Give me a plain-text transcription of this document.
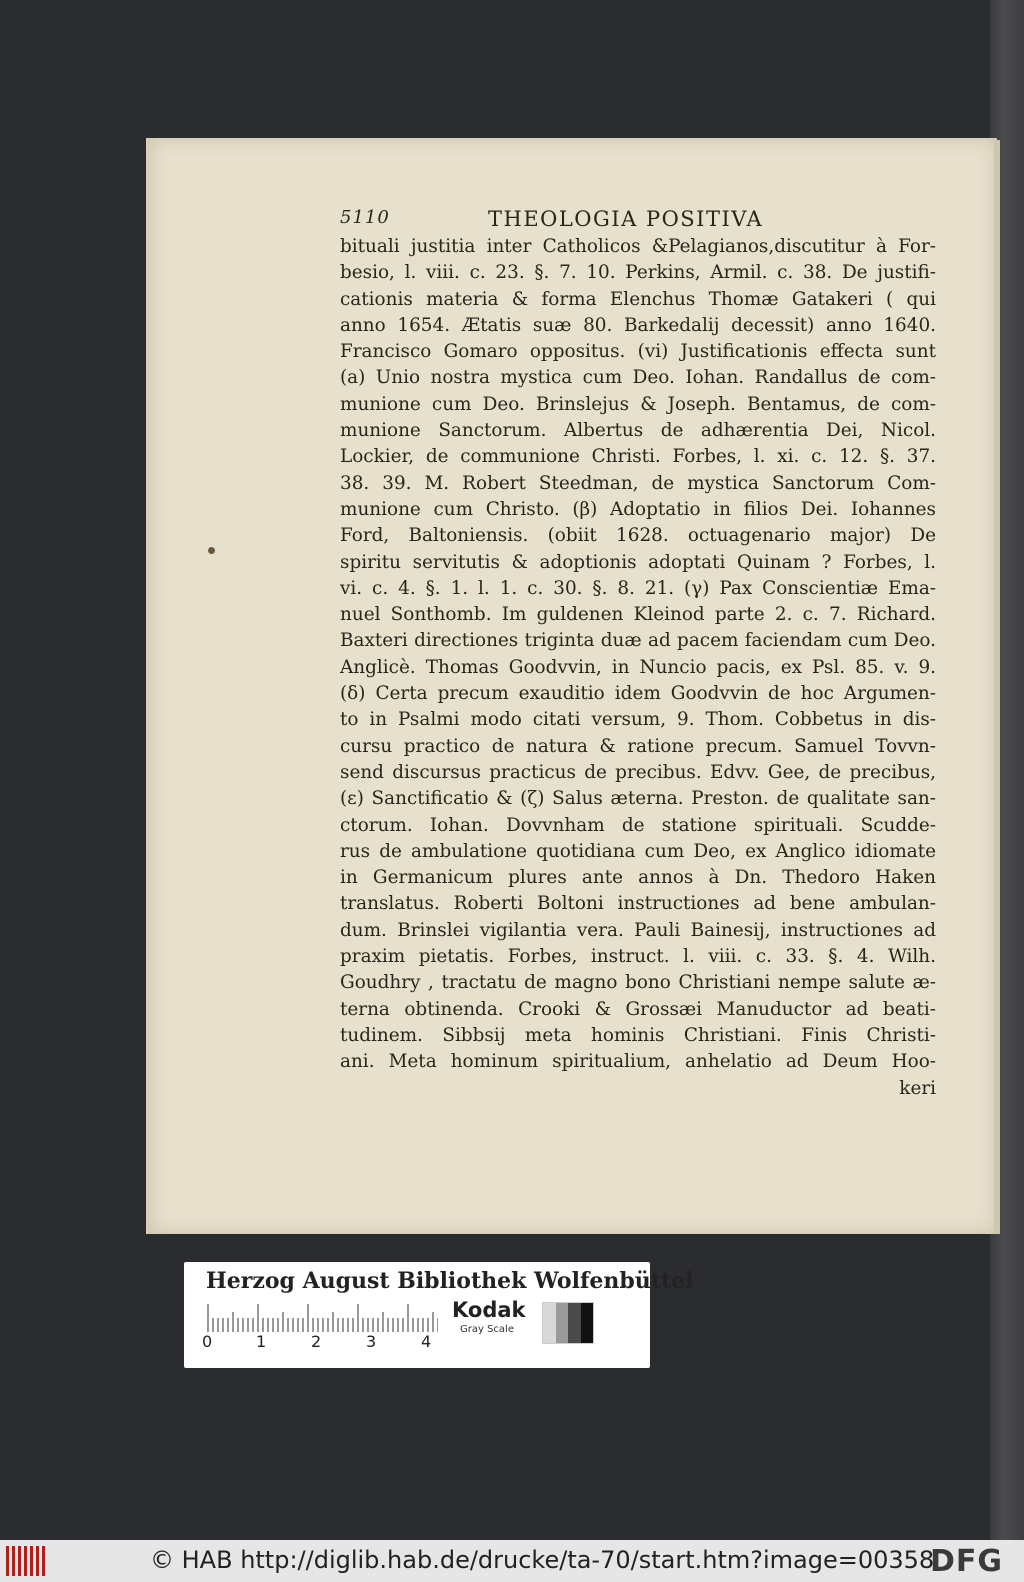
5110	THEOLOGIA POSITIVA
bituali justitia inter Catholicos &Pelagianos,discutitur à For-
besio, l. viii. c. 23. §. 7. 10. Perkins, Armil. c. 38. De justifi-
cationis materia & forma Elenchus Thomæ Gatakeri ( qui
anno 1654. Ætatis suæ 80. Barkedalij decessit) anno 1640.
Francisco Gomaro oppositus. (vi) Justificationis effecta sunt
(a) Unio nostra mystica cum Deo. Iohan. Randallus de com-
munione cum Deo. Brinslejus & Joseph. Bentamus, de com-
munione Sanctorum. Albertus de adhærentia Dei, Nicol.
Lockier, de communione Christi. Forbes, l. xi. c. 12. §. 37.
38. 39. M. Robert Steedman, de mystica Sanctorum Com-
munione cum Christo. (β) Adoptatio in filios Dei. Iohannes
Ford, Baltoniensis. (obiit 1628. octuagenario major) De
spiritu servitutis & adoptionis adoptati Quinam ? Forbes, l.
vi. c. 4. §. 1. l. 1. c. 30. §. 8. 21. (γ) Pax Conscientiæ Ema-
nuel Sonthomb. Im guldenen Kleinod parte 2. c. 7. Richard.
Baxteri directiones triginta duæ ad pacem faciendam cum Deo.
Anglicè. Thomas Goodvvin, in Nuncio pacis, ex Psl. 85. v. 9.
(δ) Certa precum exauditio idem Goodvvin de hoc Argumen-
to in Psalmi modo citati versum, 9. Thom. Cobbetus in dis-
cursu practico de natura & ratione precum. Samuel Tovvn-
send discursus practicus de precibus. Edvv. Gee, de precibus,
(ε) Sanctificatio & (ζ) Salus æterna. Preston. de qualitate san-
ctorum. Iohan. Dovvnham de statione spirituali. Scudde-
rus de ambulatione quotidiana cum Deo, ex Anglico idiomate
in Germanicum plures ante annos à Dn. Thedoro Haken
translatus. Roberti Boltoni instructiones ad bene ambulan-
dum. Brinslei vigilantia vera. Pauli Bainesij, instructiones ad
praxim pietatis. Forbes, instruct. l. viii. c. 33. §. 4. Wilh.
Goudhry , tractatu de magno bono Christiani nempe salute æ-
terna obtinenda. Crooki & Grossæi Manuductor ad beati-
tudinem. Sibbsij meta hominis Christiani. Finis Christi-
ani. Meta hominum spiritualium, anhelatio ad Deum Hoo-
keri
Herzog August Bibliothek Wolfenbüttel
0	1	2	3	4
Kodak
Gray Scale
© HAB http://diglib.hab.de/drucke/ta-70/start.htm?image=00358
DFG
